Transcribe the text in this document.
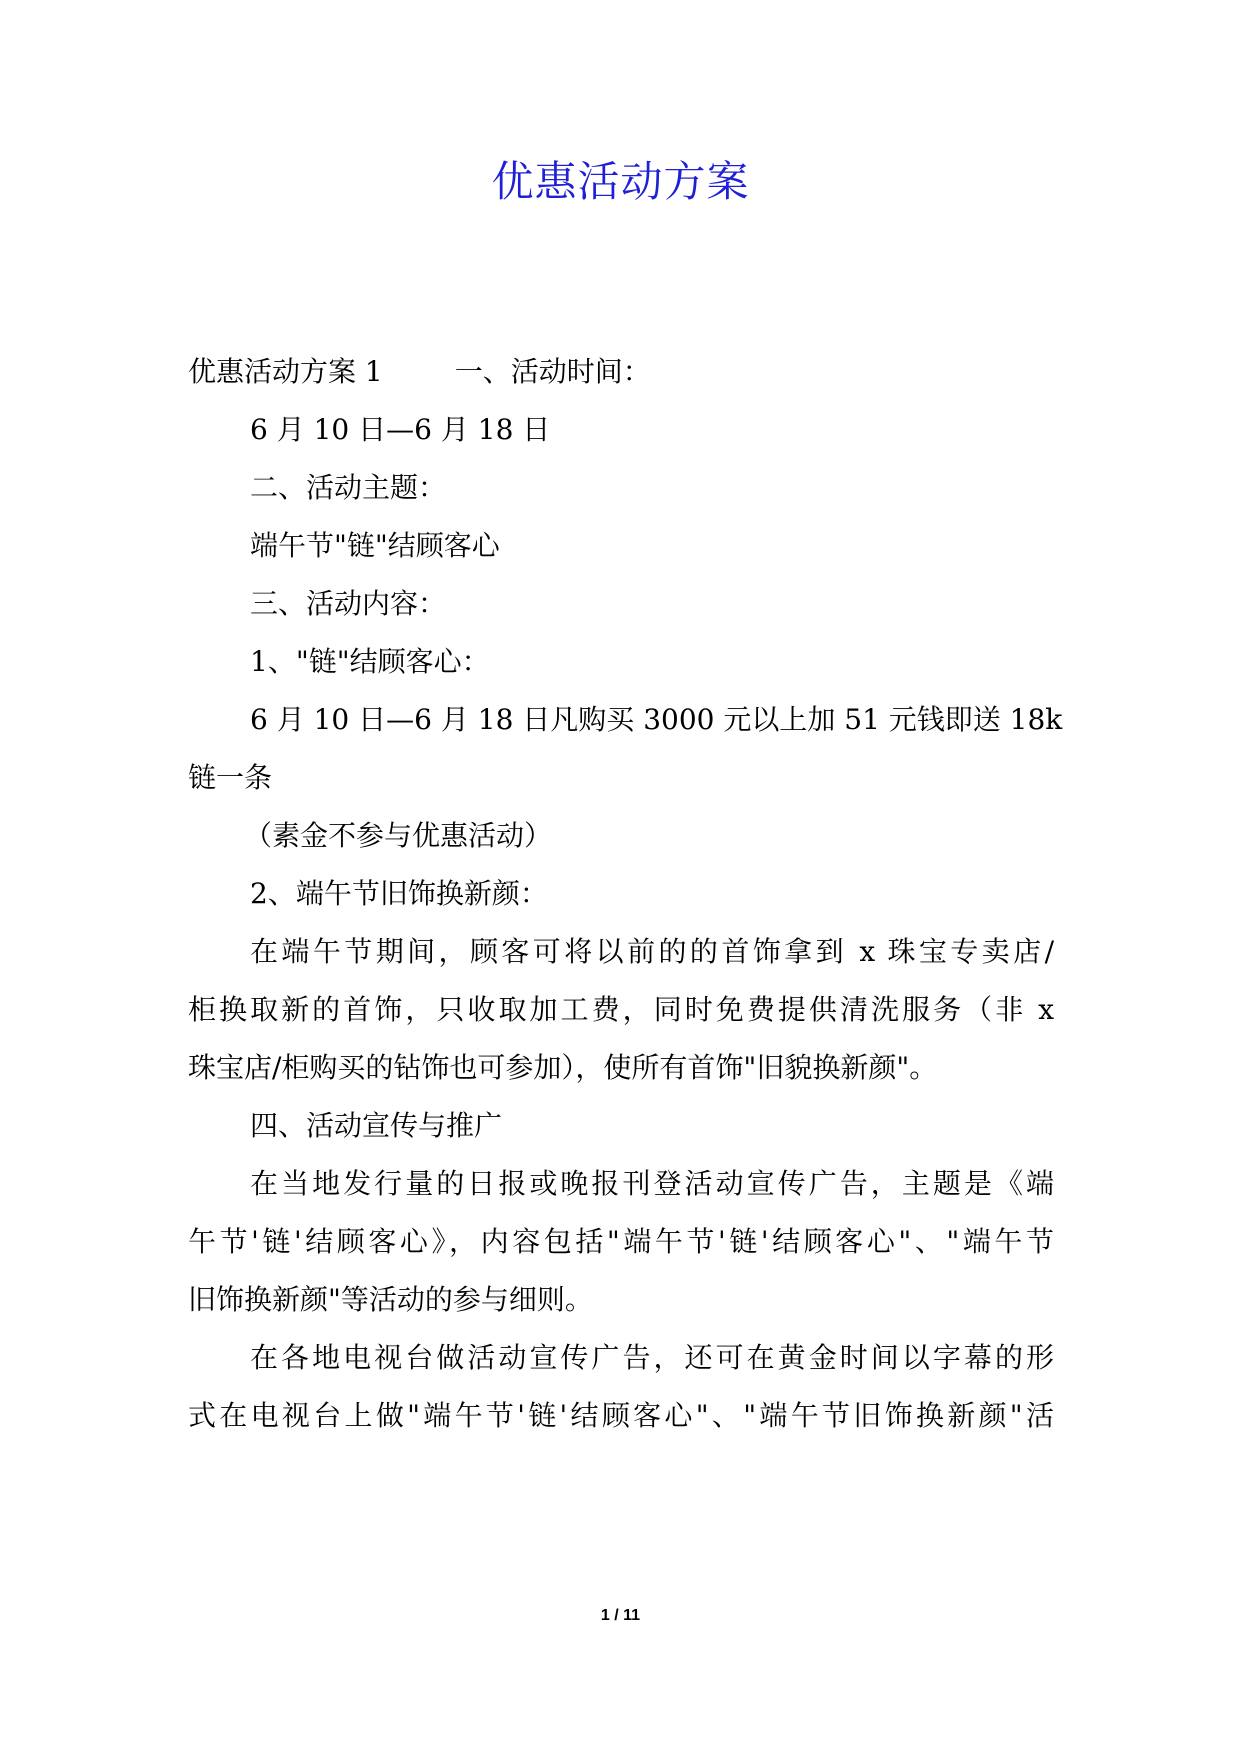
优惠活动方案
优惠活动方案 1	一、活动时间：
6 月 10 日—6 月 18 日
二、活动主题：
端午节"链"结顾客心
三、活动内容：
1、"链"结顾客心：
6 月 10 日—6 月 18 日凡购买 3000 元以上加 51 元钱即送 18k
链一条
（素金不参与优惠活动）
2、端午节旧饰换新颜：
在端午节期间，顾客可将以前的的首饰拿到 x 珠宝专卖店/
柜换取新的首饰，只收取加工费，同时免费提供清洗服务（非 x
珠宝店/柜购买的钻饰也可参加），使所有首饰"旧貌换新颜"。
四、活动宣传与推广
在当地发行量的日报或晚报刊登活动宣传广告，主题是《端
午节'链'结顾客心》，内容包括"端午节'链'结顾客心"、"端午节
旧饰换新颜"等活动的参与细则。
在各地电视台做活动宣传广告，还可在黄金时间以字幕的形
式在电视台上做"端午节'链'结顾客心"、"端午节旧饰换新颜"活
1 / 11
